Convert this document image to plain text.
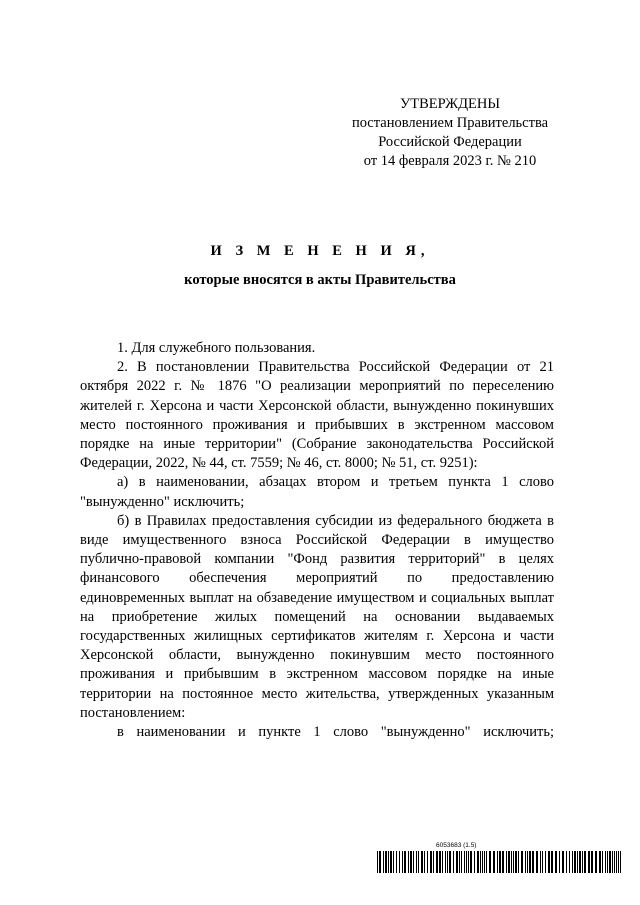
УТВЕРЖДЕНЫ
постановлением Правительства
Российской Федерации
от 14 февраля 2023 г. № 210
И З М Е Н Е Н И Я,
которые вносятся в акты Правительства

1. Для служебного пользования.

2. В постановлении Правительства Российской Федерации от 21 октября 2022 г. № 1876 "О реализации мероприятий по переселению жителей г. Херсона и части Херсонской области, вынужденно покинувших место постоянного проживания и прибывших в экстренном массовом порядке на иные территории" (Собрание законодательства Российской Федерации, 2022, № 44, ст. 7559; № 46, ст. 8000; № 51, ст. 9251):

а) в наименовании, абзацах втором и третьем пункта 1 слово "вынужденно" исключить;

б) в Правилах предоставления субсидии из федерального бюджета в виде имущественного взноса Российской Федерации в имущество публично-правовой компании "Фонд развития территорий" в целях финансового обеспечения мероприятий по предоставлению единовременных выплат на обзаведение имуществом и социальных выплат на приобретение жилых помещений на основании выдаваемых государственных жилищных сертификатов жителям г. Херсона и части Херсонской области, вынужденно покинувшим место постоянного проживания и прибывшим в экстренном массовом порядке на иные территории на постоянное место жительства, утвержденных указанным постановлением:

в наименовании и пункте 1 слово "вынужденно" исключить;

6053683 (1.5)
